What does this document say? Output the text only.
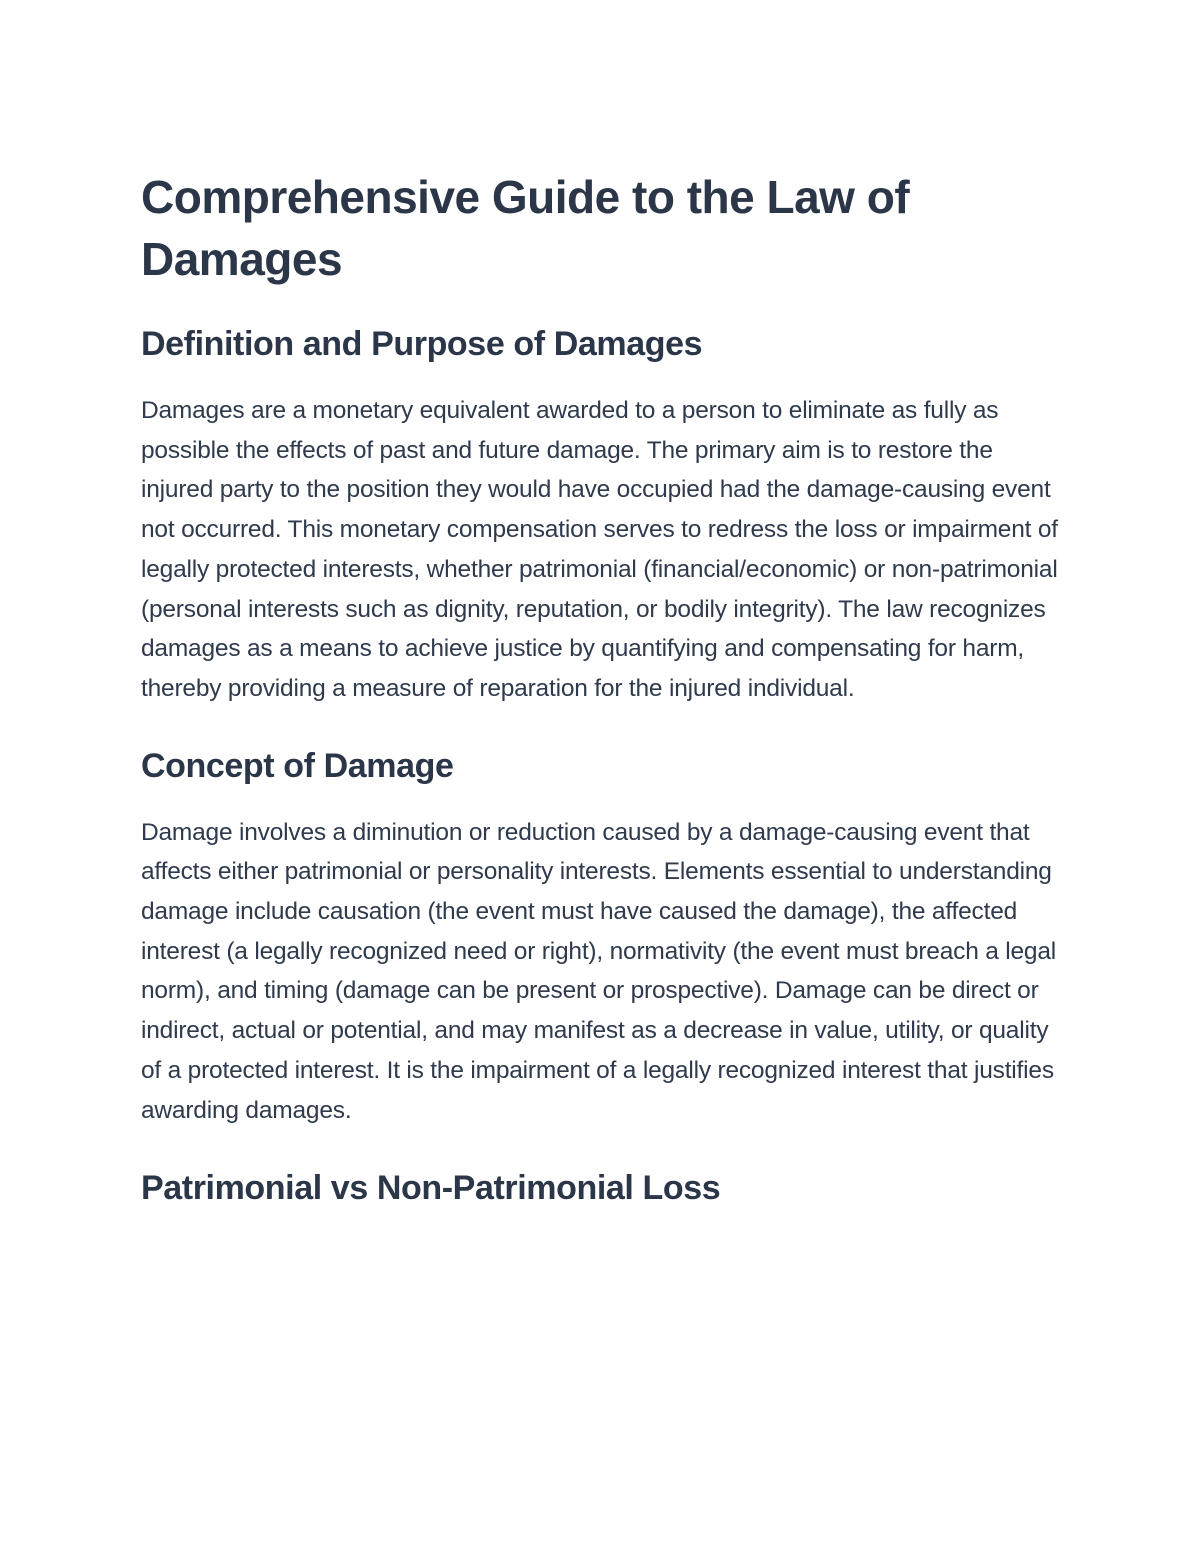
Comprehensive Guide to the Law of Damages
Definition and Purpose of Damages

Damages are a monetary equivalent awarded to a person to eliminate as fully as possible the effects of past and future damage. The primary aim is to restore the injured party to the position they would have occupied had the damage-causing event not occurred. This monetary compensation serves to redress the loss or impairment of legally protected interests, whether patrimonial (financial/economic) or non-patrimonial (personal interests such as dignity, reputation, or bodily integrity). The law recognizes damages as a means to achieve justice by quantifying and compensating for harm, thereby providing a measure of reparation for the injured individual.

Concept of Damage

Damage involves a diminution or reduction caused by a damage-causing event that affects either patrimonial or personality interests. Elements essential to understanding damage include causation (the event must have caused the damage), the affected interest (a legally recognized need or right), normativity (the event must breach a legal norm), and timing (damage can be present or prospective). Damage can be direct or indirect, actual or potential, and may manifest as a decrease in value, utility, or quality of a protected interest. It is the impairment of a legally recognized interest that justifies awarding damages.

Patrimonial vs Non-Patrimonial Loss
